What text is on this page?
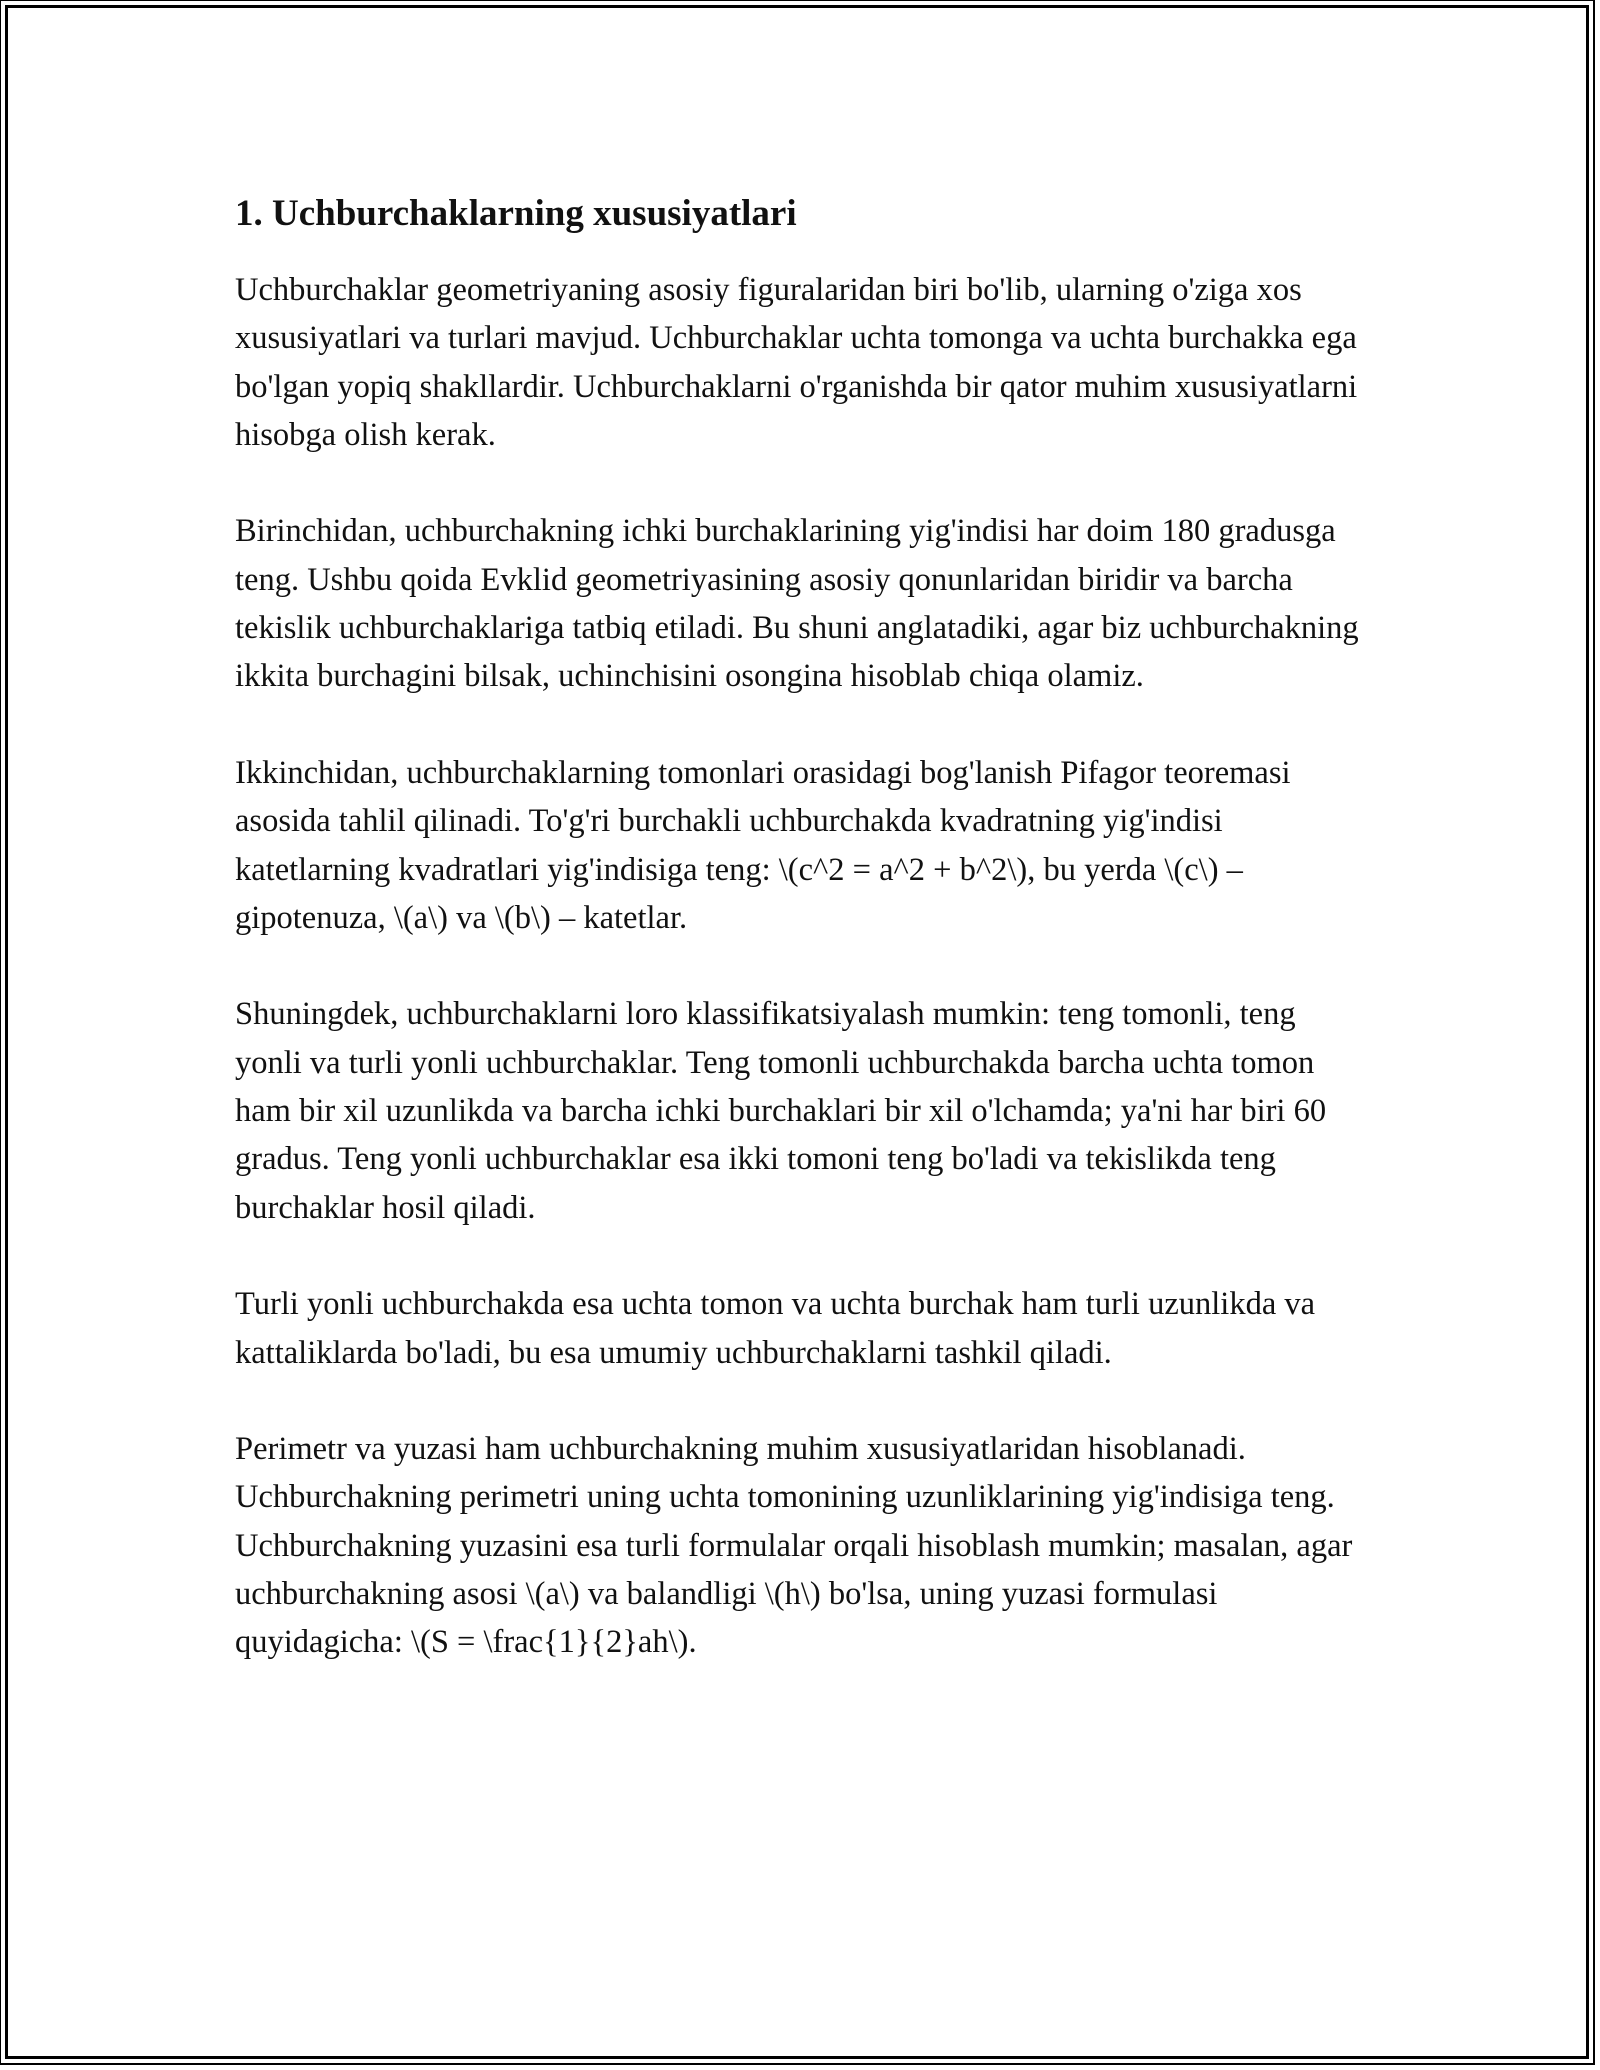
1. Uchburchaklarning xususiyatlari

Uchburchaklar geometriyaning asosiy figuralaridan biri bo'lib, ularning o'ziga xos xususiyatlari va turlari mavjud. Uchburchaklar uchta tomonga va uchta burchakka ega bo'lgan yopiq shakllardir. Uchburchaklarni o'rganishda bir qator muhim xususiyatlarni hisobga olish kerak.

Birinchidan, uchburchakning ichki burchaklarining yig'indisi har doim 180 gradusga teng. Ushbu qoida Evklid geometriyasining asosiy qonunlaridan biridir va barcha tekislik uchburchaklariga tatbiq etiladi. Bu shuni anglatadiki, agar biz uchburchakning ikkita burchagini bilsak, uchinchisini osongina hisoblab chiqa olamiz.

Ikkinchidan, uchburchaklarning tomonlari orasidagi bog'lanish Pifagor teoremasi asosida tahlil qilinadi. To'g'ri burchakli uchburchakda kvadratning yig'indisi katetlarning kvadratlari yig'indisiga teng: \(c^2 = a^2 + b^2\), bu yerda \(c\) – gipotenuza, \(a\) va \(b\) – katetlar.

Shuningdek, uchburchaklarni loro klassifikatsiyalash mumkin: teng tomonli, teng yonli va turli yonli uchburchaklar. Teng tomonli uchburchakda barcha uchta tomon ham bir xil uzunlikda va barcha ichki burchaklari bir xil o'lchamda; ya'ni har biri 60 gradus. Teng yonli uchburchaklar esa ikki tomoni teng bo'ladi va tekislikda teng burchaklar hosil qiladi.

Turli yonli uchburchakda esa uchta tomon va uchta burchak ham turli uzunlikda va kattaliklarda bo'ladi, bu esa umumiy uchburchaklarni tashkil qiladi.

Perimetr va yuzasi ham uchburchakning muhim xususiyatlaridan hisoblanadi. Uchburchakning perimetri uning uchta tomonining uzunliklarining yig'indisiga teng. Uchburchakning yuzasini esa turli formulalar orqali hisoblash mumkin; masalan, agar uchburchakning asosi \(a\) va balandligi \(h\) bo'lsa, uning yuzasi formulasi quyidagicha: \(S = \frac{1}{2}ah\).
